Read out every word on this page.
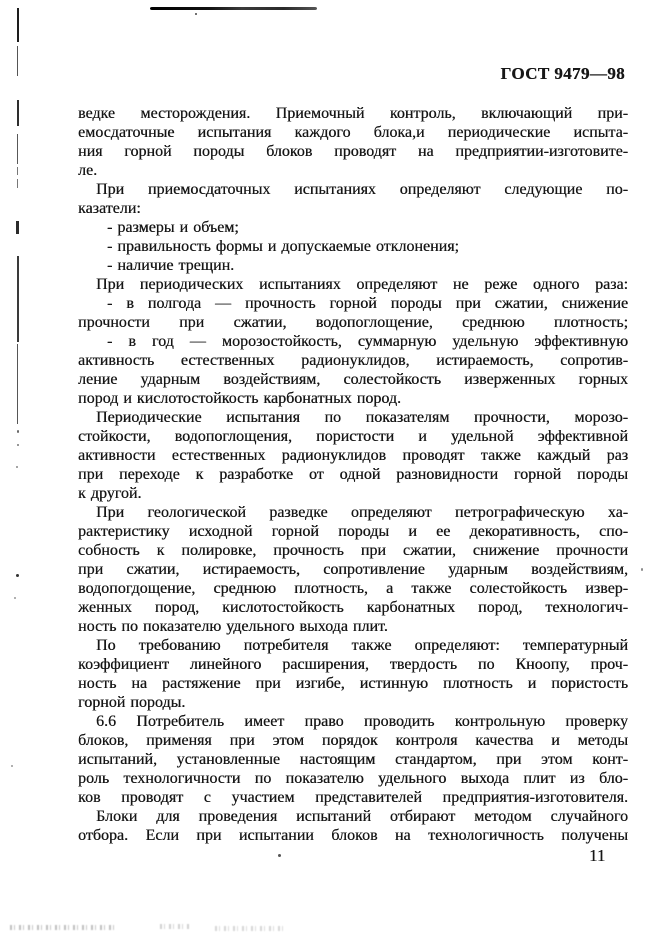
ГОСТ 9479—98
ведке месторождения. Приемочный контроль, включающий при-
емосдаточные испытания каждого блока,и периодические испыта-
ния горной породы блоков проводят на предприятии-изготовите-
ле.
При приемосдаточных испытаниях определяют следующие по-
казатели:
- размеры и объем;
- правильность формы и допускаемые отклонения;
- наличие трещин.
При периодических испытаниях определяют не реже одного раза:
- в полгода — прочность горной породы при сжатии, снижение
прочности при сжатии, водопоглощение, среднюю плотность;
- в год — морозостойкость, суммарную удельную эффективную
активность естественных радионуклидов, истираемость, сопротив-
ление ударным воздействиям, солестойкость изверженных горных
пород и кислотостойкость карбонатных пород.
Периодические испытания по показателям прочности, морозо-
стойкости, водопоглощения, пористости и удельной эффективной
активности естественных радионуклидов проводят также каждый раз
при переходе к разработке от одной разновидности горной породы
к другой.
При геологической разведке определяют петрографическую ха-
рактеристику исходной горной породы и ее декоративность, спо-
собность к полировке, прочность при сжатии, снижение прочности
при сжатии, истираемость, сопротивление ударным воздействиям,
водопогдощение, среднюю плотность, а также солестойкость извер-
женных пород, кислотостойкость карбонатных пород, технологич-
ность по показателю удельного выхода плит.
По требованию потребителя также определяют: температурный
коэффициент линейного расширения, твердость по Кноопу, проч-
ность на растяжение при изгибе, истинную плотность и пористость
горной породы.
6.6 Потребитель имеет право проводить контрольную проверку
блоков, применяя при этом порядок контроля качества и методы
испытаний, установленные настоящим стандартом, при этом конт-
роль технологичности по показателю удельного выхода плит из бло-
ков проводят с участием представителей предприятия-изготовителя.
Блоки для проведения испытаний отбирают методом случайного
отбора. Если при испытании блоков на технологичность получены
11
